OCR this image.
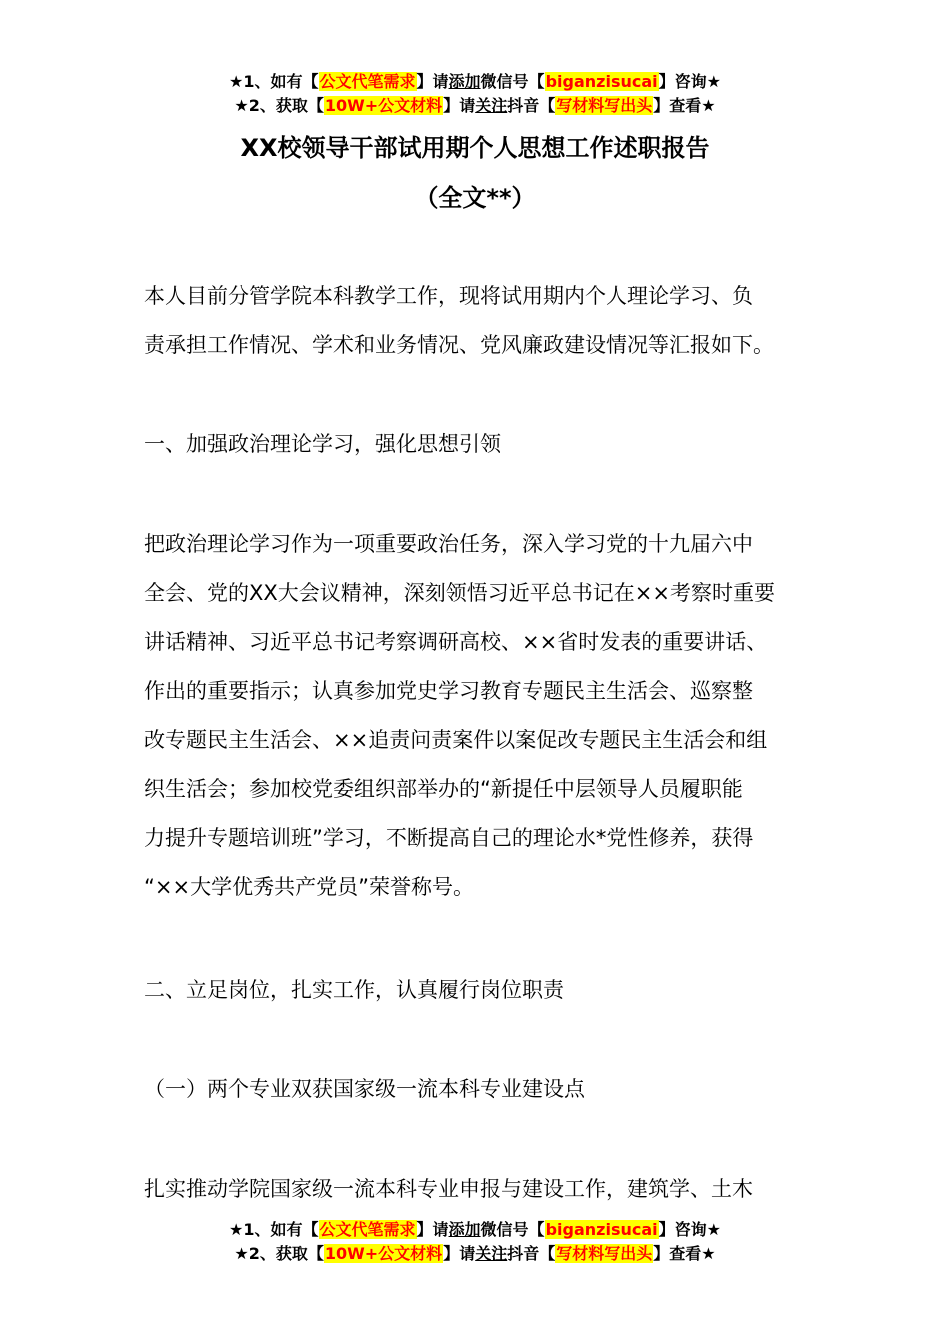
★1、如有【公文代笔需求】请添加微信号【biganzisucai】咨询★
★2、获取【10W+公文材料】请关注抖音【写材料写出头】查看★
XX校领导干部试用期个人思想工作述职报告
（全文**）
本人目前分管学院本科教学工作，现将试用期内个人理论学习、负
责承担工作情况、学术和业务情况、党风廉政建设情况等汇报如下。
一、加强政治理论学习，强化思想引领
把政治理论学习作为一项重要政治任务，深入学习党的十九届六中
全会、党的XX大会议精神，深刻领悟习近平总书记在××考察时重要
讲话精神、习近平总书记考察调研高校、××省时发表的重要讲话、
作出的重要指示；认真参加党史学习教育专题民主生活会、巡察整
改专题民主生活会、××追责问责案件以案促改专题民主生活会和组
织生活会；参加校党委组织部举办的“新提任中层领导人员履职能
力提升专题培训班”学习，不断提高自己的理论水*党性修养，获得
“××大学优秀共产党员”荣誉称号。
二、立足岗位，扎实工作，认真履行岗位职责
（一）两个专业双获国家级一流本科专业建设点
扎实推动学院国家级一流本科专业申报与建设工作，建筑学、土木
★1、如有【公文代笔需求】请添加微信号【biganzisucai】咨询★
★2、获取【10W+公文材料】请关注抖音【写材料写出头】查看★
